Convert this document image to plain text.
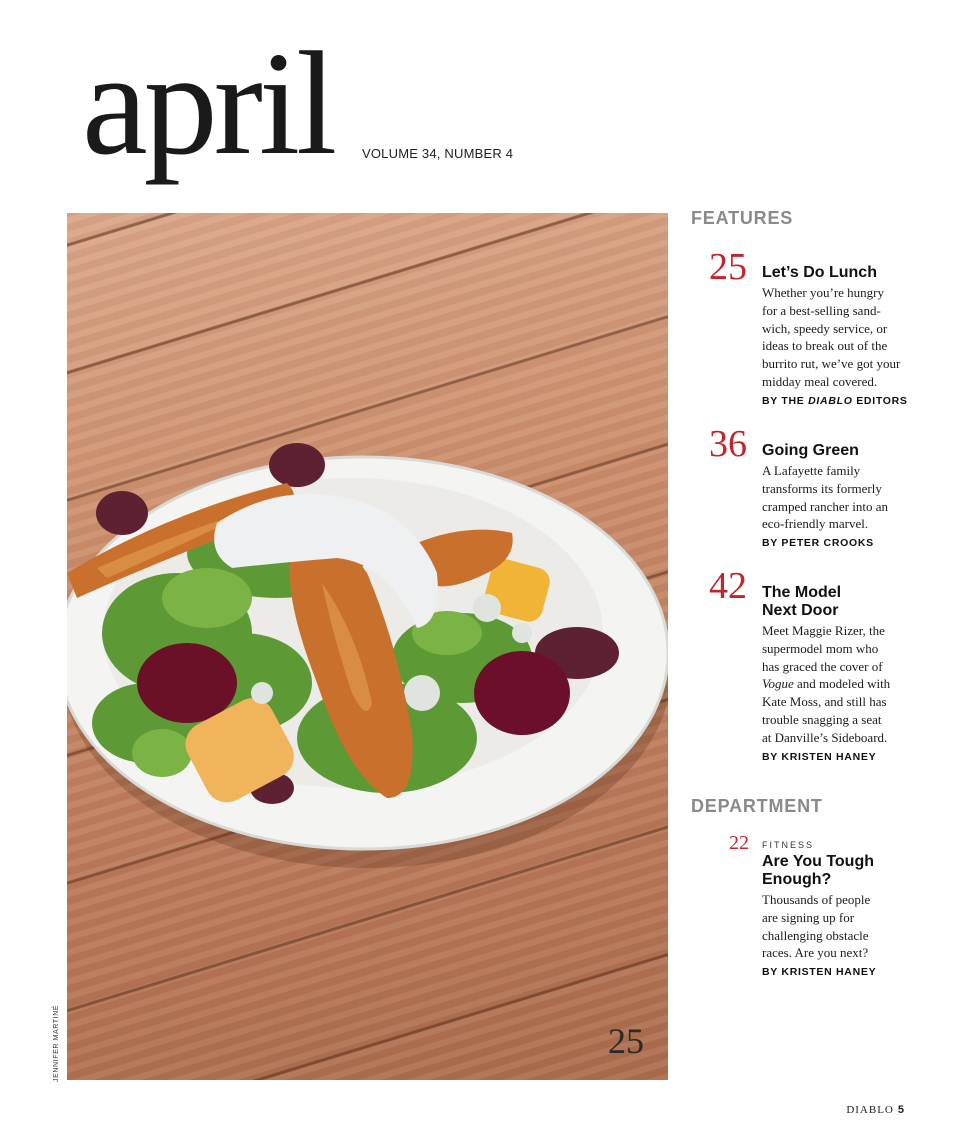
april VOLUME 34, NUMBER 4
25
JENNIFER MARTINÉ
FEATURES
25 Let’s Do Lunch

Whether you’re hungry
for a best-selling sand-
wich, speedy service, or
ideas to break out of the
burrito rut, we’ve got your
midday meal covered.

BY THE DIABLO EDITORS
36 Going Green

A Lafayette family
transforms its formerly
cramped rancher into an
eco-friendly marvel.

BY PETER CROOKS
42 The Model
Next Door

Meet Maggie Rizer, the
supermodel mom who
has graced the cover of
Vogue and modeled with
Kate Moss, and still has
trouble snagging a seat
at Danville’s Sideboard.

BY KRISTEN HANEY
DEPARTMENT
22 FITNESS
Are You Tough
Enough?

Thousands of people
are signing up for
challenging obstacle
races. Are you next?

BY KRISTEN HANEY
DIABLO 5
